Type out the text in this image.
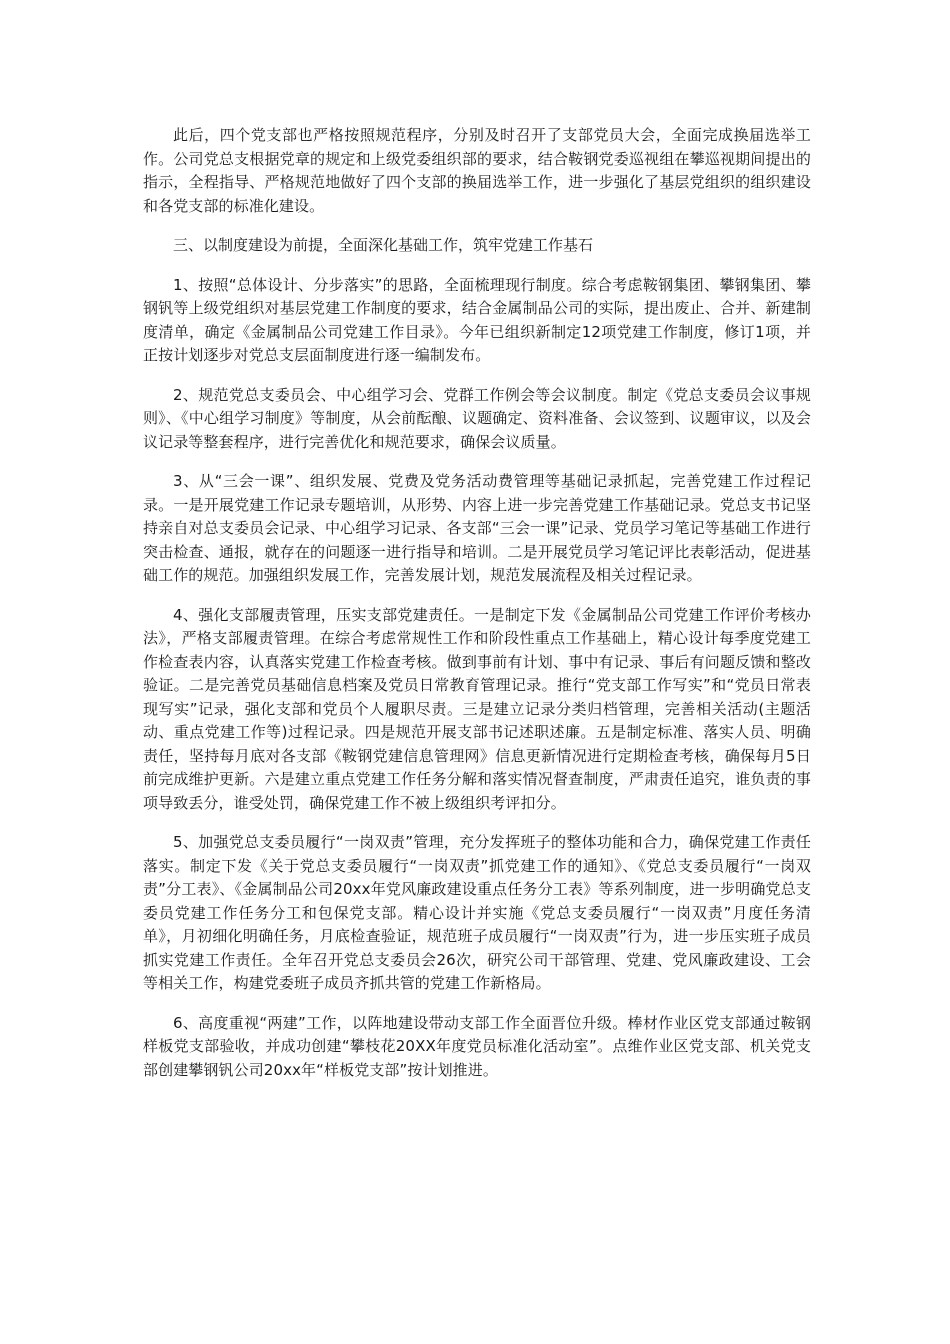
此后，四个党支部也严格按照规范程序，分别及时召开了支部党员大会，全面完成换届选举工作。公司党总支根据党章的规定和上级党委组织部的要求，结合鞍钢党委巡视组在攀巡视期间提出的指示，全程指导、严格规范地做好了四个支部的换届选举工作，进一步强化了基层党组织的组织建设和各党支部的标准化建设。

三、以制度建设为前提，全面深化基础工作，筑牢党建工作基石

1、按照“总体设计、分步落实”的思路，全面梳理现行制度。综合考虑鞍钢集团、攀钢集团、攀钢钒等上级党组织对基层党建工作制度的要求，结合金属制品公司的实际，提出废止、合并、新建制度清单，确定《金属制品公司党建工作目录》。今年已组织新制定12项党建工作制度，修订1项，并正按计划逐步对党总支层面制度进行逐一编制发布。

2、规范党总支委员会、中心组学习会、党群工作例会等会议制度。制定《党总支委员会议事规则》、《中心组学习制度》等制度，从会前酝酿、议题确定、资料准备、会议签到、议题审议，以及会议记录等整套程序，进行完善优化和规范要求，确保会议质量。

3、从“三会一课”、组织发展、党费及党务活动费管理等基础记录抓起，完善党建工作过程记录。一是开展党建工作记录专题培训，从形势、内容上进一步完善党建工作基础记录。党总支书记坚持亲自对总支委员会记录、中心组学习记录、各支部“三会一课”记录、党员学习笔记等基础工作进行突击检查、通报，就存在的问题逐一进行指导和培训。二是开展党员学习笔记评比表彰活动，促进基础工作的规范。加强组织发展工作，完善发展计划，规范发展流程及相关过程记录。

4、强化支部履责管理，压实支部党建责任。一是制定下发《金属制品公司党建工作评价考核办法》，严格支部履责管理。在综合考虑常规性工作和阶段性重点工作基础上，精心设计每季度党建工作检查表内容，认真落实党建工作检查考核。做到事前有计划、事中有记录、事后有问题反馈和整改验证。二是完善党员基础信息档案及党员日常教育管理记录。推行“党支部工作写实”和“党员日常表现写实”记录，强化支部和党员个人履职尽责。三是建立记录分类归档管理，完善相关活动(主题活动、重点党建工作等)过程记录。四是规范开展支部书记述职述廉。五是制定标准、落实人员、明确责任，坚持每月底对各支部《鞍钢党建信息管理网》信息更新情况进行定期检查考核，确保每月5日前完成维护更新。六是建立重点党建工作任务分解和落实情况督查制度，严肃责任追究，谁负责的事项导致丢分，谁受处罚，确保党建工作不被上级组织考评扣分。

5、加强党总支委员履行“一岗双责”管理，充分发挥班子的整体功能和合力，确保党建工作责任落实。制定下发《关于党总支委员履行“一岗双责”抓党建工作的通知》、《党总支委员履行“一岗双责”分工表》、《金属制品公司20xx年党风廉政建设重点任务分工表》等系列制度，进一步明确党总支委员党建工作任务分工和包保党支部。精心设计并实施《党总支委员履行“一岗双责”月度任务清单》，月初细化明确任务，月底检查验证，规范班子成员履行“一岗双责”行为，进一步压实班子成员抓实党建工作责任。全年召开党总支委员会26次，研究公司干部管理、党建、党风廉政建设、工会等相关工作，构建党委班子成员齐抓共管的党建工作新格局。

6、高度重视“两建”工作，以阵地建设带动支部工作全面晋位升级。棒材作业区党支部通过鞍钢样板党支部验收，并成功创建“攀枝花20XX年度党员标准化活动室”。点维作业区党支部、机关党支部创建攀钢钒公司20xx年“样板党支部”按计划推进。
